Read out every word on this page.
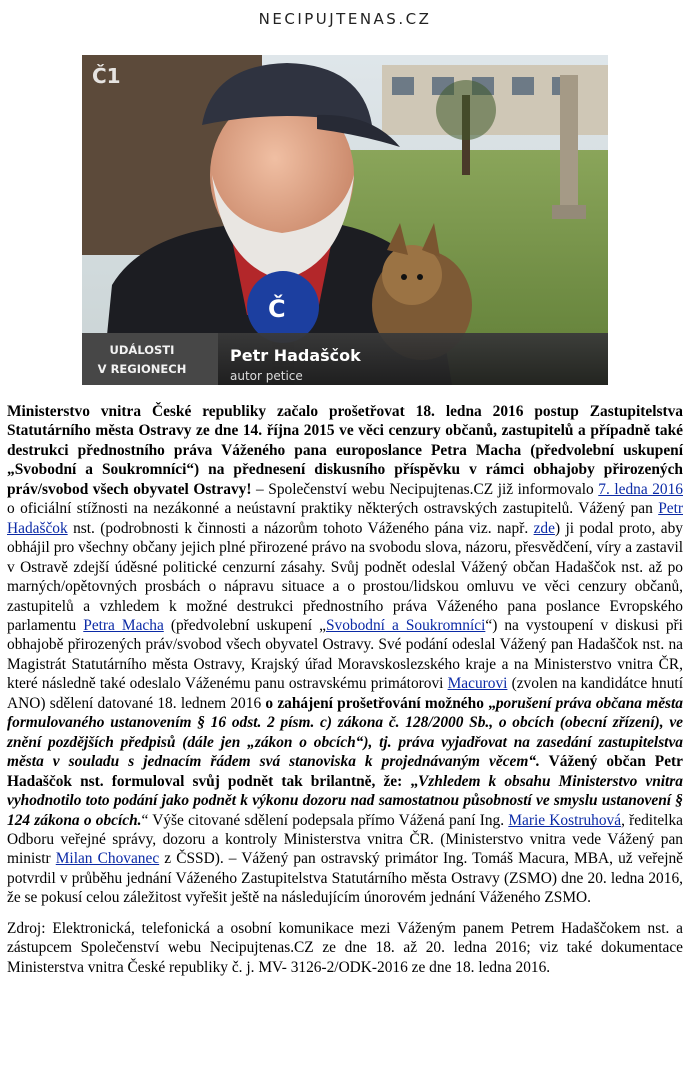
NECIPUJTENAS.CZ
Č
Č1
UDÁLOSTI
V REGIONECH
Petr Hadaščok
autor petice

Ministerstvo vnitra České republiky začalo prošetřovat 18. ledna 2016 postup Zastupitelstva Statutárního města Ostravy ze dne 14. října 2015 ve věci cenzury občanů, zastupitelů a případně také destrukci přednostního práva Váženého pana europoslance Petra Macha (předvolební uskupení „Svobodní a Soukromníci“) na přednesení diskusního příspěvku v rámci obhajoby přirozených práv/svobod všech obyvatel Ostravy! – Společenství webu Necipujtenas.CZ již informovalo 7. ledna 2016 o oficiální stížnosti na nezákonné a neústavní praktiky některých ostravských zastupitelů. Vážený pan Petr Hadaščok nst. (podrobnosti k činnosti a názorům tohoto Váženého pána viz. např. zde) ji podal proto, aby obhájil pro všechny občany jejich plné přirozené právo na svobodu slova, názoru, přesvědčení, víry a zastavil v Ostravě zdejší úděsné politické cenzurní zásahy. Svůj podnět odeslal Vážený občan Hadaščok nst. až po marných/opětovných prosbách o nápravu situace a o prostou/lidskou omluvu ve věci cenzury občanů, zastupitelů a vzhledem k možné destrukci přednostního práva Váženého pana poslance Evropského parlamentu Petra Macha (předvolební uskupení „Svobodní a Soukromníci“) na vystoupení v diskusi při obhajobě přirozených práv/svobod všech obyvatel Ostravy. Své podání odeslal Vážený pan Hadaščok nst. na Magistrát Statutárního města Ostravy, Krajský úřad Moravskoslezského kraje a na Ministerstvo vnitra ČR, které následně také odeslalo Váženému panu ostravskému primátorovi Macurovi (zvolen na kandidátce hnutí ANO) sdělení datované 18. lednem 2016 o zahájení prošetřování možného „porušení práva občana města formulovaného ustanovením § 16 odst. 2 písm. c) zákona č. 128/2000 Sb., o obcích (obecní zřízení), ve znění pozdějších předpisů (dále jen „zákon o obcích“), tj. práva vyjadřovat na zasedání zastupitelstva města v souladu s jednacím řádem svá stanoviska k projednávaným věcem“. Vážený občan Petr Hadaščok nst. formuloval svůj podnět tak brilantně, že: „Vzhledem k obsahu Ministerstvo vnitra vyhodnotilo toto podání jako podnět k výkonu dozoru nad samostatnou působností ve smyslu ustanovení § 124 zákona o obcích.“ Výše citované sdělení podepsala přímo Vážená paní Ing. Marie Kostruhová, ředitelka Odboru veřejné správy, dozoru a kontroly Ministerstva vnitra ČR. (Ministerstvo vnitra vede Vážený pan ministr Milan Chovanec z ČSSD). – Vážený pan ostravský primátor Ing. Tomáš Macura, MBA, už veřejně potvrdil v průběhu jednání Váženého Zastupitelstva Statutárního města Ostravy (ZSMO) dne 20. ledna 2016, že se pokusí celou záležitost vyřešit ještě na následujícím únorovém jednání Váženého ZSMO.

Zdroj: Elektronická, telefonická a osobní komunikace mezi Váženým panem Petrem Hadaščokem nst. a zástupcem Společenství webu Necipujtenas.CZ ze dne 18. až 20. ledna 2016; viz také dokumentace Ministerstva vnitra České republiky č. j. MV- 3126-2/ODK-2016 ze dne 18. ledna 2016.
